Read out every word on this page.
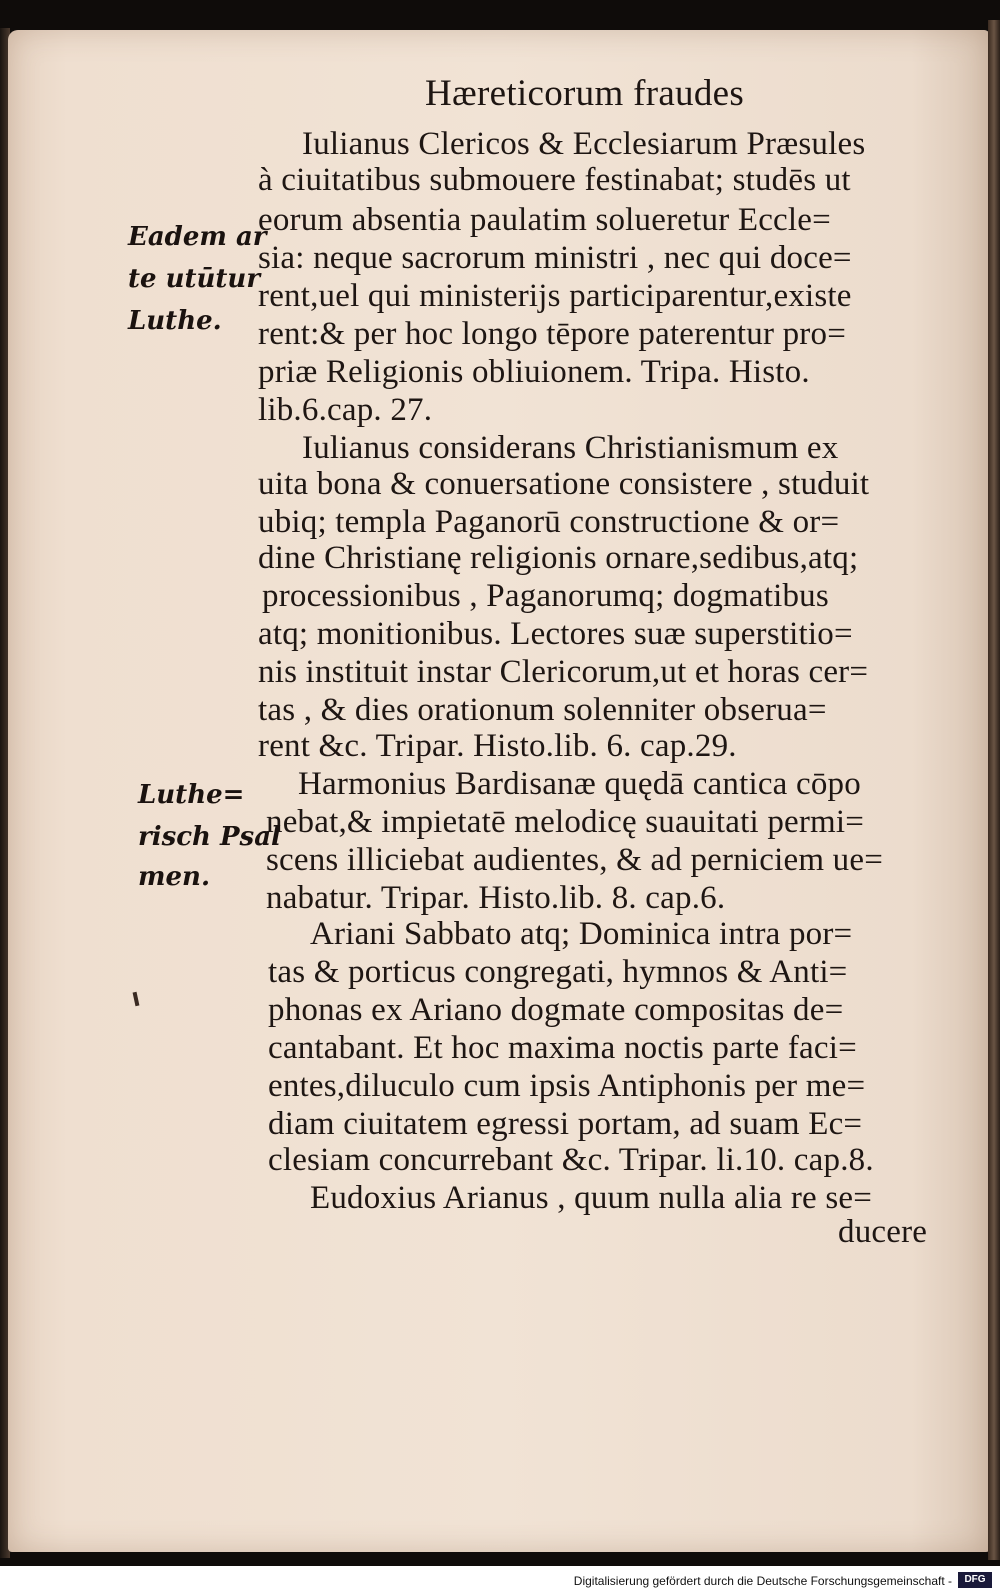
Hæreticorum fraudes
Iulianus Clericos & Ecclesiarum Præsules
à ciuitatibus submouere festinabat; studēs ut
eorum absentia paulatim solueretur Eccle=
sia: neque sacrorum ministri , nec qui doce=
rent,uel qui ministerijs participarentur,existe
rent:& per hoc longo tēpore paterentur pro=
priæ Religionis obliuionem. Tripa. Histo.
lib.6.cap. 27.
Iulianus considerans Christianismum ex
uita bona & conuersatione consistere , studuit
ubiq; templa Paganorū constructione & or=
dine Christianę religionis ornare,sedibus,atq;
processionibus , Paganorumq; dogmatibus
atq; monitionibus. Lectores suæ superstitio=
nis instituit instar Clericorum,ut et horas cer=
tas , & dies orationum solenniter obserua=
rent &c. Tripar. Histo.lib. 6. cap.29.
Harmonius Bardisanæ quędā cantica cōpo
nebat,& impietatē melodicę suauitati permi=
scens illiciebat audientes, & ad perniciem ue=
nabatur. Tripar. Histo.lib. 8. cap.6.
Ariani Sabbato atq; Dominica intra por=
tas & porticus congregati, hymnos & Anti=
phonas ex Ariano dogmate compositas de=
cantabant. Et hoc maxima noctis parte faci=
entes,diluculo cum ipsis Antiphonis per me=
diam ciuitatem egressi portam, ad suam Ec=
clesiam concurrebant &c. Tripar. li.10. cap.8.
Eudoxius Arianus , quum nulla alia re se=
ducere
Eadem ar
te utūtur
Luthe.
Luthe=
risch Psal
men.
Digitalisierung gefördert durch die Deutsche Forschungsgemeinschaft -	DFG
